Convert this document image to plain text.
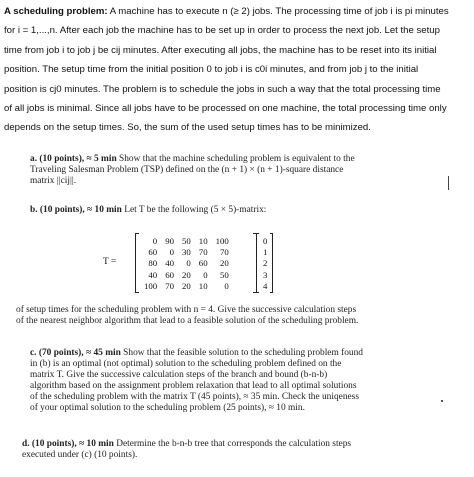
A scheduling problem: A machine has to execute n (≥ 2) jobs. The processing time of job i is pi minutes
for i = 1,...,n. After each job the machine has to be set up in order to process the next job. Let the setup
time from job i to job j be cij minutes. After executing all jobs, the machine has to be reset into its initial
position. The setup time from the initial position 0 to job i is c0i minutes, and from job j to the initial
position is cj0 minutes. The problem is to schedule the jobs in such a way that the total processing time
of all jobs is minimal. Since all jobs have to be processed on one machine, the total processing time only
depends on the setup times. So, the sum of the used setup times has to be minimized.
a. (10 points), ≈ 5 min Show that the machine scheduling problem is equivalent to the Traveling Salesman Problem (TSP) defined on the (n + 1) × (n + 1)-square distance matrix ||cij||.
b. (10 points), ≈ 10 min Let T be the following (5 × 5)-matrix:
T =
0	90	50	10	100
60	0	30	70	70
80	40	0	60	20
40	60	20	0	50
100	70	20	10	0
0
1
2
3
4
of setup times for the scheduling problem with n = 4. Give the successive calculation steps of the nearest neighbor algorithm that lead to a feasible solution of the scheduling problem.
c. (70 points), ≈ 45 min Show that the feasible solution to the scheduling problem found in (b) is an optimal (not optimal) solution to the scheduling problem defined on the matrix T. Give the successive calculation steps of the branch and bound (b-n-b) algorithm based on the assignment problem relaxation that lead to all optimal solutions of the scheduling problem with the matrix T (45 points), ≈ 35 min. Check the uniqeness of your optimal solution to the scheduling problem (25 points), ≈ 10 min.
d. (10 points), ≈ 10 min Determine the b-n-b tree that corresponds the calculation steps executed under (c) (10 points).
